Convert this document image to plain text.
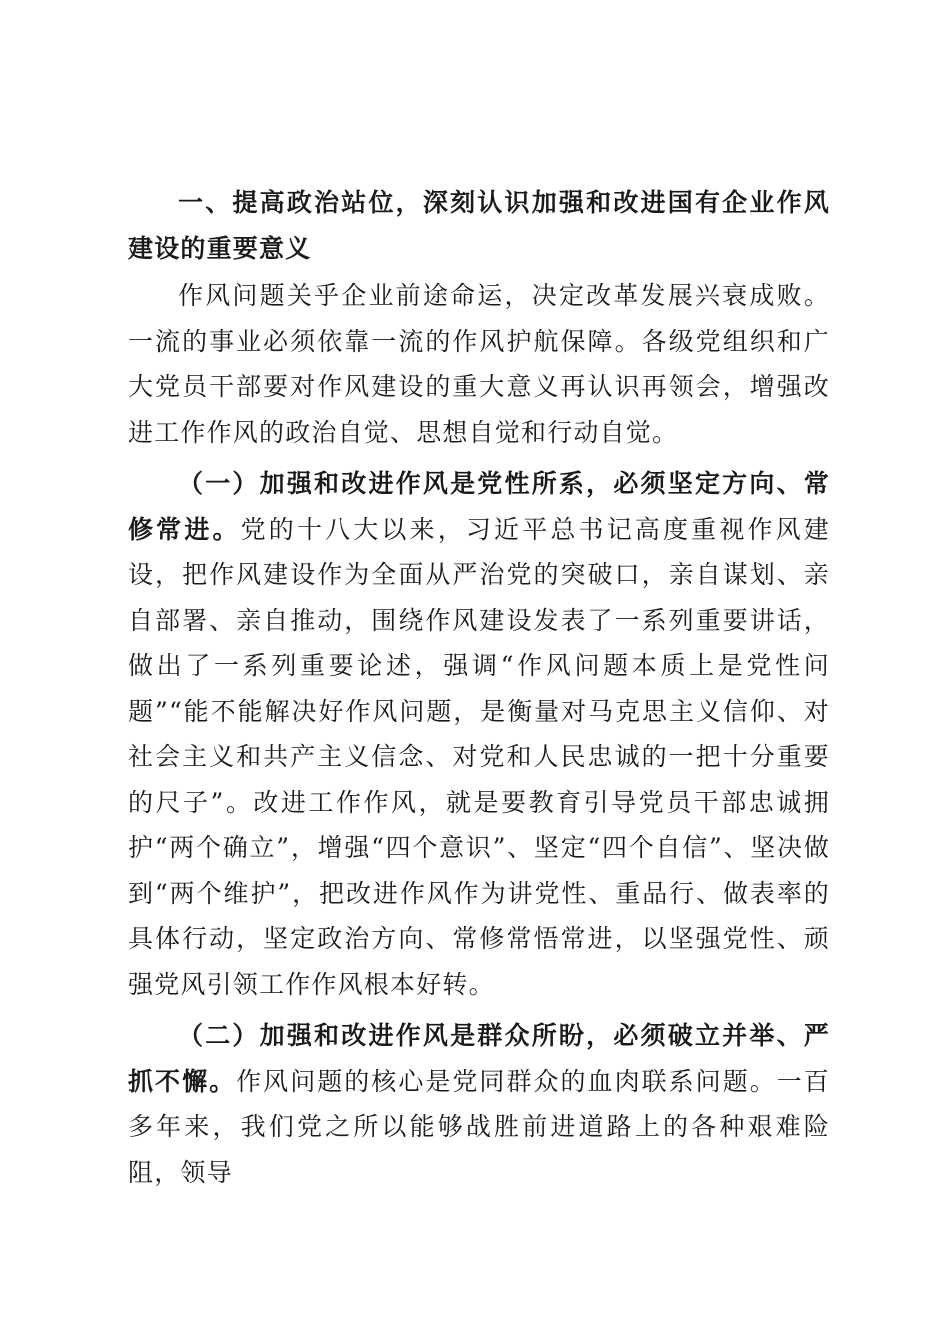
一、提高政治站位，深刻认识加强和改进国有企业作风建设的重要意义

作风问题关乎企业前途命运，决定改革发展兴衰成败。一流的事业必须依靠一流的作风护航保障。各级党组织和广大党员干部要对作风建设的重大意义再认识再领会，增强改进工作作风的政治自觉、思想自觉和行动自觉。

（一）加强和改进作风是党性所系，必须坚定方向、常修常进。党的十八大以来，习近平总书记高度重视作风建设，把作风建设作为全面从严治党的突破口，亲自谋划、亲自部署、亲自推动，围绕作风建设发表了一系列重要讲话，做出了一系列重要论述，强调“作风问题本质上是党性问题”“能不能解决好作风问题，是衡量对马克思主义信仰、对社会主义和共产主义信念、对党和人民忠诚的一把十分重要的尺子”。改进工作作风，就是要教育引导党员干部忠诚拥护“两个确立”，增强“四个意识”、坚定“四个自信”、坚决做到“两个维护”，把改进作风作为讲党性、重品行、做表率的具体行动，坚定政治方向、常修常悟常进，以坚强党性、顽强党风引领工作作风根本好转。

（二）加强和改进作风是群众所盼，必须破立并举、严抓不懈。作风问题的核心是党同群众的血肉联系问题。一百多年来，我们党之所以能够战胜前进道路上的各种艰难险阻，领导
